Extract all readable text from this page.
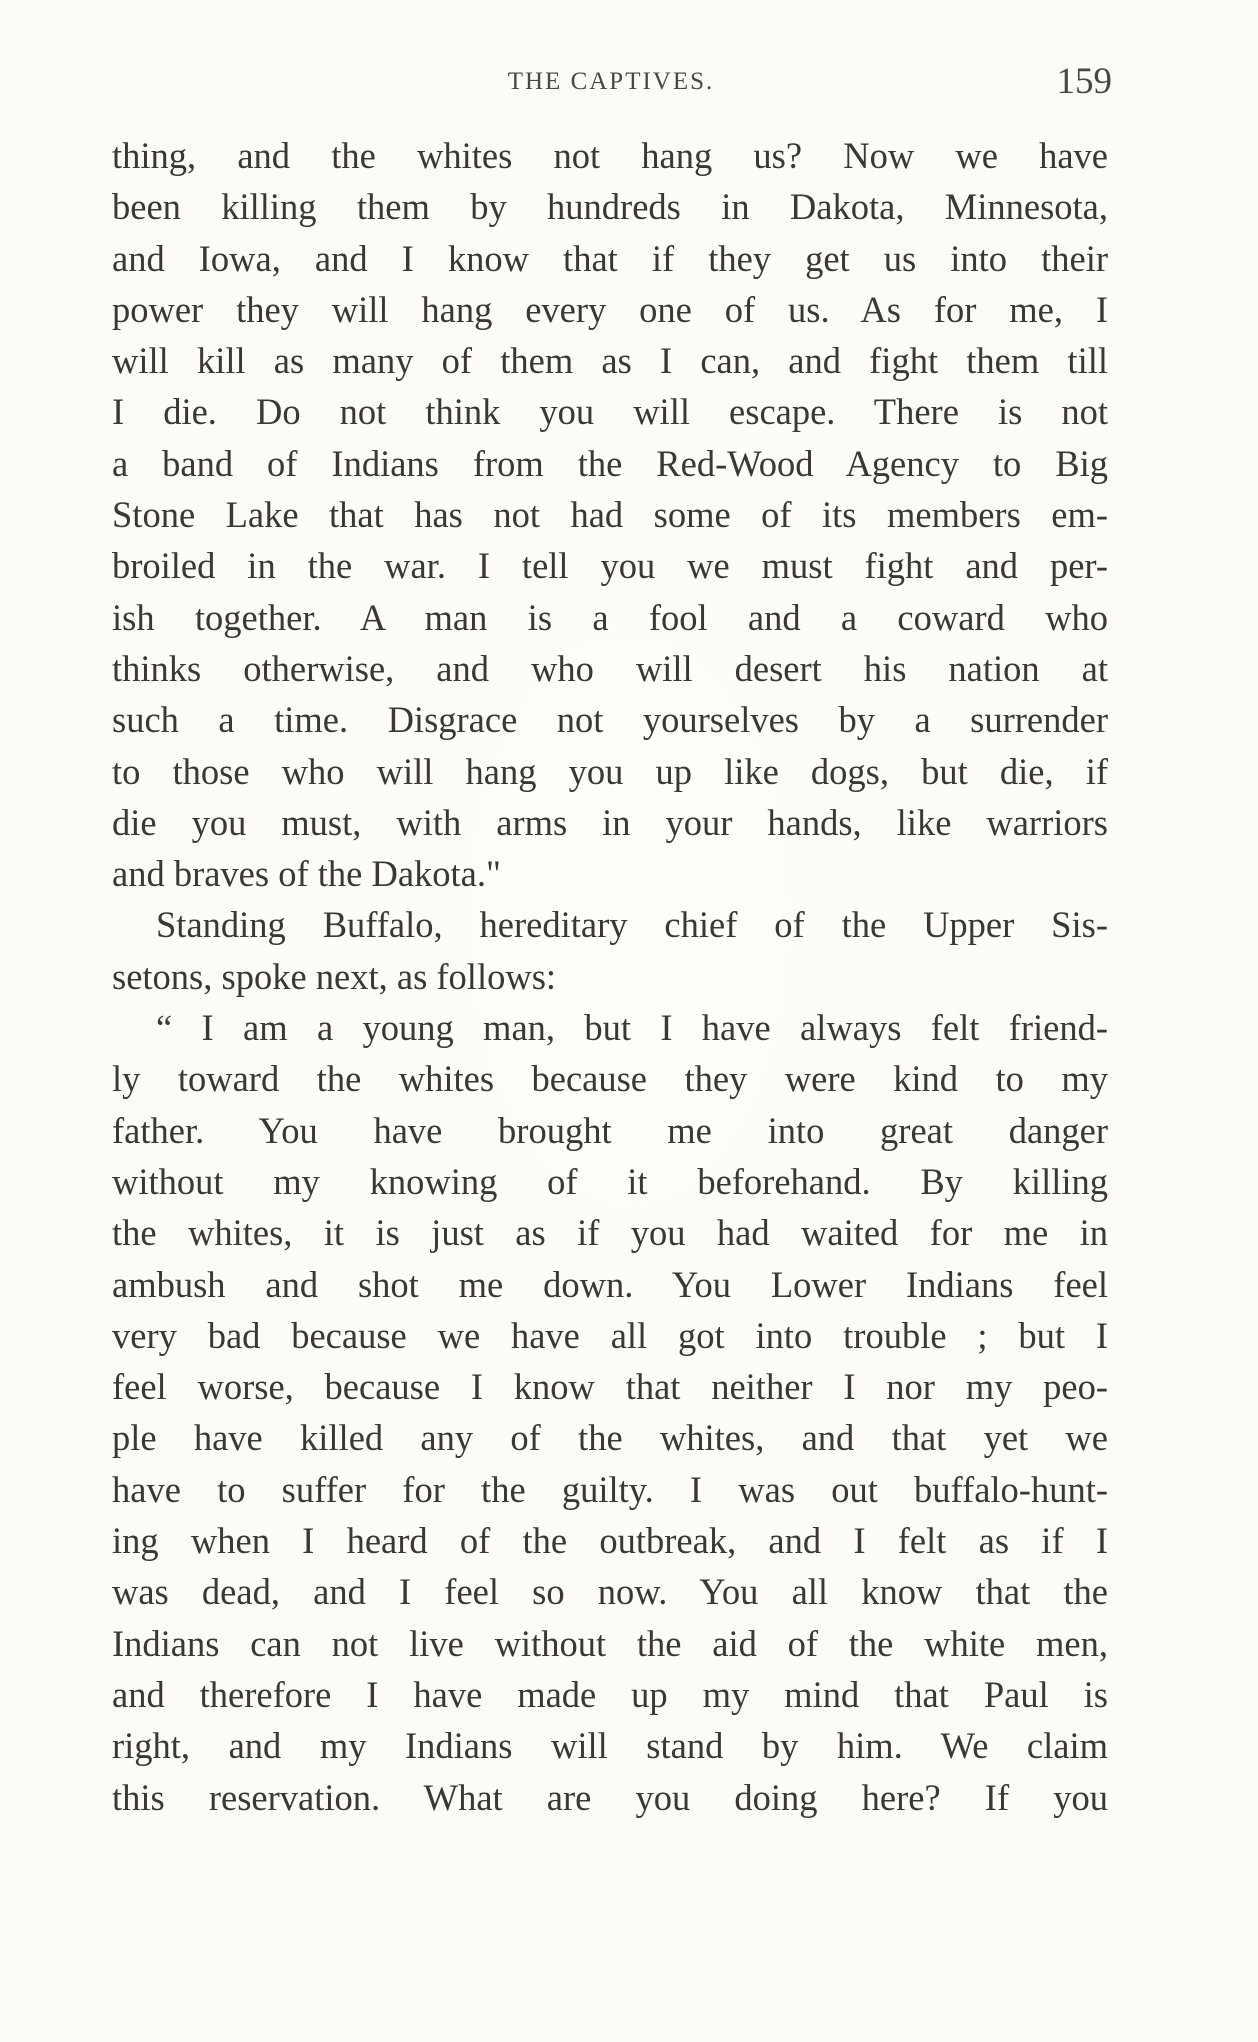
THE CAPTIVES.	159
thing, and the whites not hang us? Now we have
been killing them by hundreds in Dakota, Minnesota,
and Iowa, and I know that if they get us into their
power they will hang every one of us. As for me, I
will kill as many of them as I can, and fight them till
I die. Do not think you will escape. There is not
a band of Indians from the Red-Wood Agency to Big
Stone Lake that has not had some of its members em-
broiled in the war. I tell you we must fight and per-
ish together. A man is a fool and a coward who
thinks otherwise, and who will desert his nation at
such a time. Disgrace not yourselves by a surrender
to those who will hang you up like dogs, but die, if
die you must, with arms in your hands, like warriors
and braves of the Dakota."
Standing Buffalo, hereditary chief of the Upper Sis-
setons, spoke next, as follows:
“ I am a young man, but I have always felt friend-
ly toward the whites because they were kind to my
father. You have brought me into great danger
without my knowing of it beforehand. By killing
the whites, it is just as if you had waited for me in
ambush and shot me down. You Lower Indians feel
very bad because we have all got into trouble ; but I
feel worse, because I know that neither I nor my peo-
ple have killed any of the whites, and that yet we
have to suffer for the guilty. I was out buffalo-hunt-
ing when I heard of the outbreak, and I felt as if I
was dead, and I feel so now. You all know that the
Indians can not live without the aid of the white men,
and therefore I have made up my mind that Paul is
right, and my Indians will stand by him. We claim
this reservation. What are you doing here? If you
